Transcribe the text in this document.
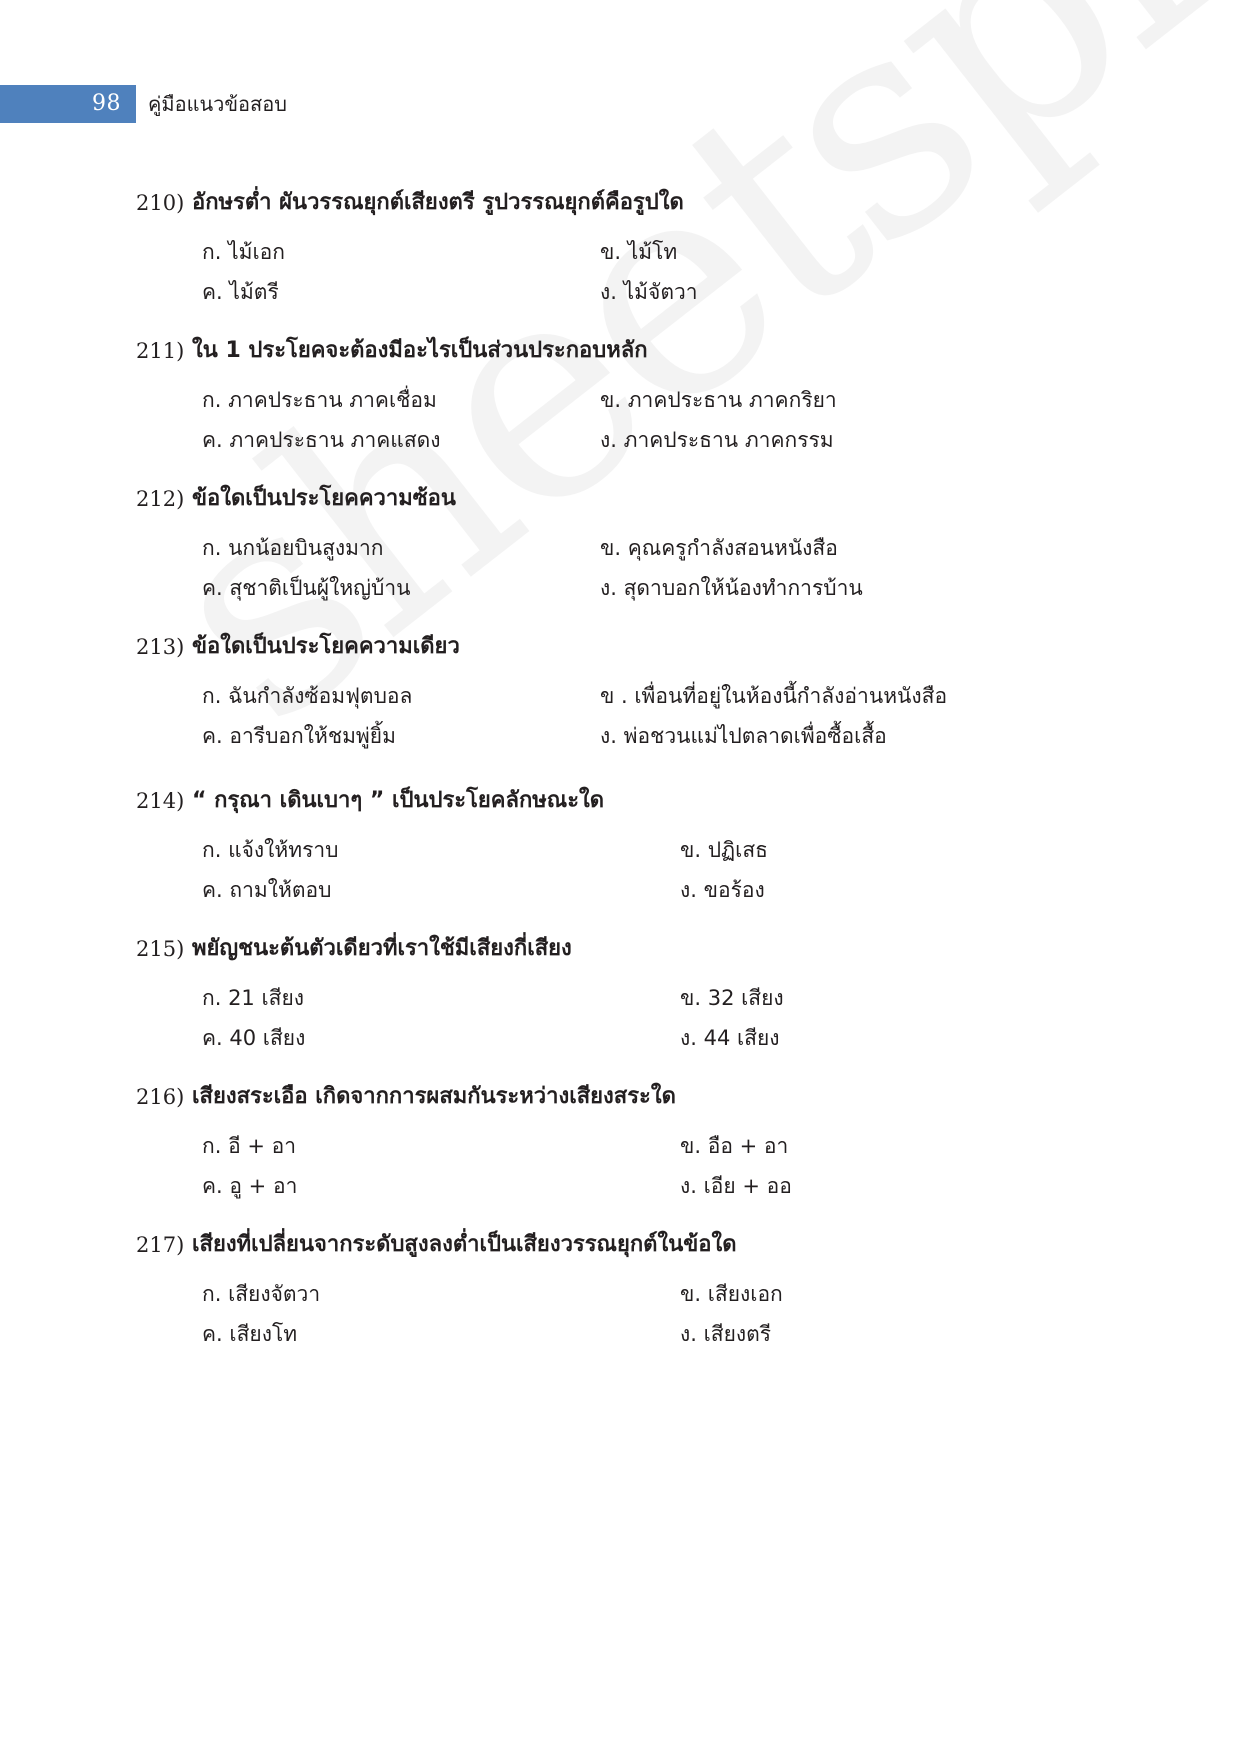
98	คู่มือแนวข้อสอบ
210) อักษรต่ำ ผันวรรณยุกต์เสียงตรี รูปวรรณยุกต์คือรูปใด
ก. ไม้เอก	ข. ไม้โท
ค. ไม้ตรี	ง. ไม้จัตวา
211) ใน 1 ประโยคจะต้องมีอะไรเป็นส่วนประกอบหลัก
ก. ภาคประธาน ภาคเชื่อม	ข. ภาคประธาน ภาคกริยา
ค. ภาคประธาน ภาคแสดง	ง. ภาคประธาน ภาคกรรม
212) ข้อใดเป็นประโยคความซ้อน
ก. นกน้อยบินสูงมาก	ข. คุณครูกำลังสอนหนังสือ
ค. สุชาติเป็นผู้ใหญ่บ้าน	ง. สุดาบอกให้น้องทำการบ้าน
213) ข้อใดเป็นประโยคความเดียว
ก. ฉันกำลังซ้อมฟุตบอล	ข . เพื่อนที่อยู่ในห้องนี้กำลังอ่านหนังสือ
ค. อารีบอกให้ชมพู่ยิ้ม	ง. พ่อชวนแม่ไปตลาดเพื่อซื้อเสื้อ
214) “ กรุณา เดินเบาๆ ” เป็นประโยคลักษณะใด
ก. แจ้งให้ทราบ	ข. ปฏิเสธ
ค. ถามให้ตอบ	ง. ขอร้อง
215) พยัญชนะต้นตัวเดียวที่เราใช้มีเสียงกี่เสียง
ก. 21 เสียง	ข. 32 เสียง
ค. 40 เสียง	ง. 44 เสียง
216) เสียงสระเอือ เกิดจากการผสมกันระหว่างเสียงสระใด
ก. อี + อา	ข. อือ + อา
ค. อู + อา	ง. เอีย + ออ
217) เสียงที่เปลี่ยนจากระดับสูงลงต่ำเป็นเสียงวรรณยุกต์ในข้อใด
ก. เสียงจัตวา	ข. เสียงเอก
ค. เสียงโท	ง. เสียงตรี
